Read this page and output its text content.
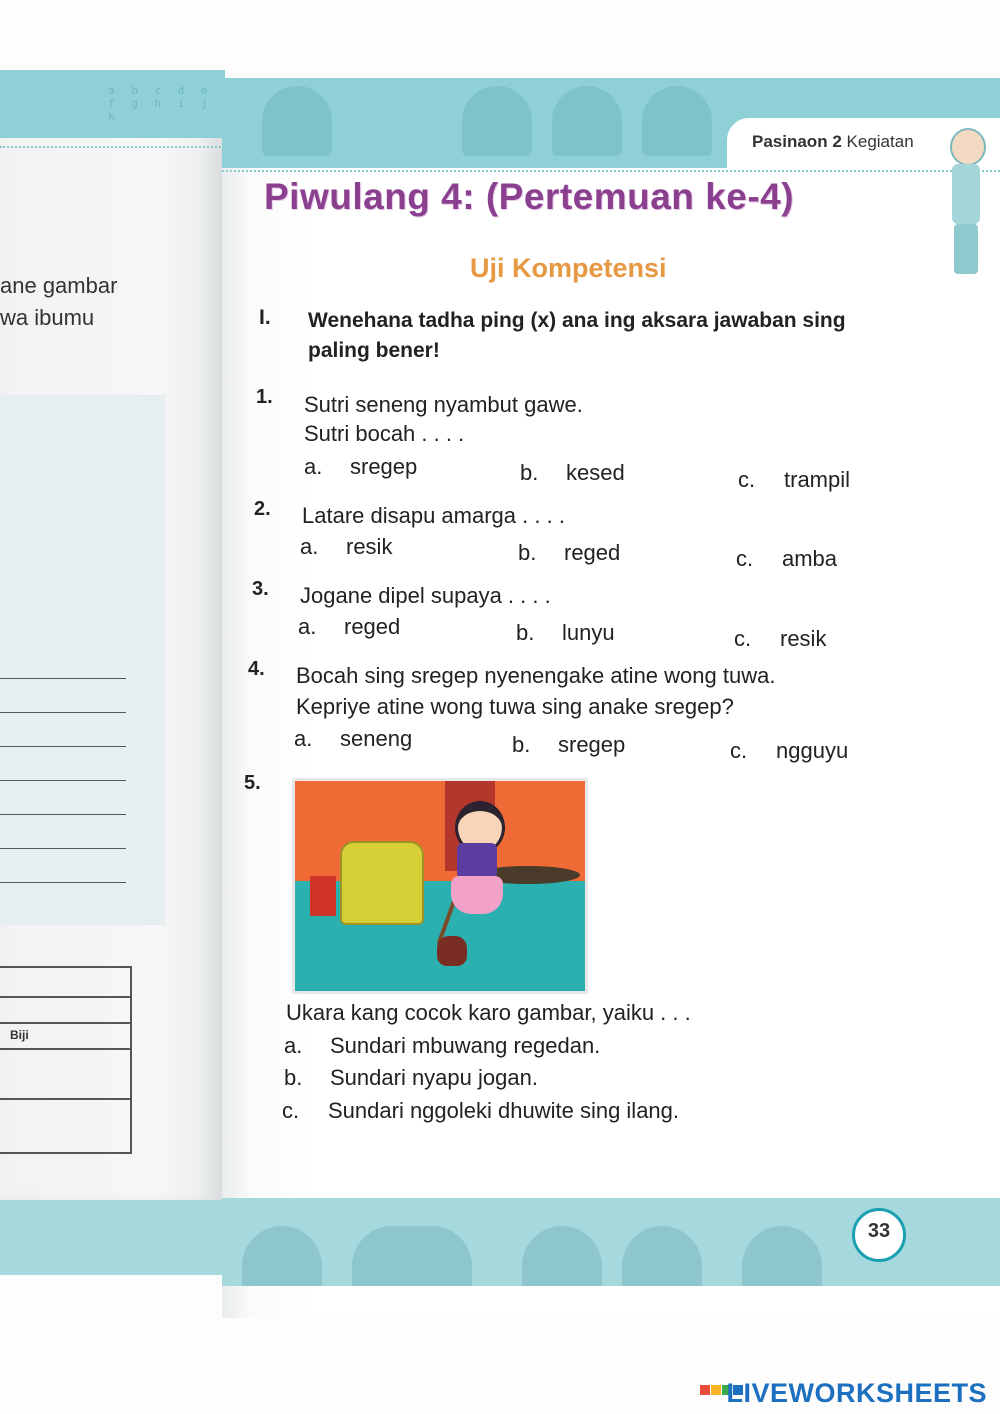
a b c d e
f g h i j k
ane gambar
wa ibumu
Biji
Pasinaon 2 Kegiatan
Piwulang 4: (Pertemuan ke-4)
Uji Kompetensi
I. Wenehana tadha ping (x) ana ing aksara jawaban sing paling bener!
1. Sutri seneng nyambut gawe.
Sutri bocah . . . .
a. sregep	b. kesed	c. trampil
2. Latare disapu amarga . . . .
a. resik	b. reged	c. amba
3. Jogane dipel supaya . . . .
a. reged	b. lunyu	c. resik
4. Bocah sing sregep nyenengake atine wong tuwa.
Kepriye atine wong tuwa sing anake sregep?
a. seneng	b. sregep	c. ngguyu
5.
Ukara kang cocok karo gambar, yaiku . . .
a. Sundari mbuwang regedan.
b. Sundari nyapu jogan.
c. Sundari nggoleki dhuwite sing ilang.
33
LIVEWORKSHEETS
